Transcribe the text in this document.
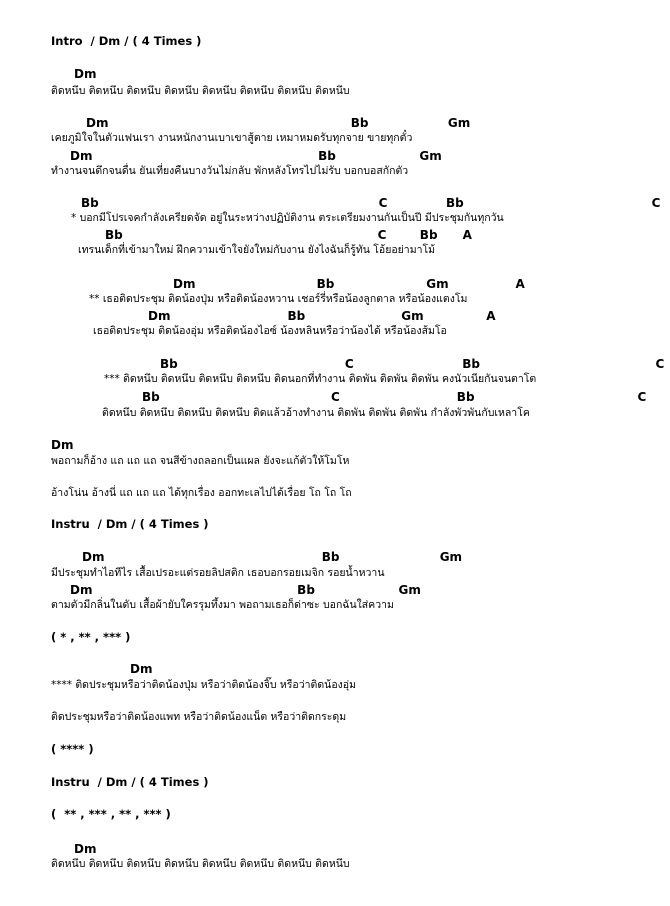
Intro  / Dm / ( 4 Times )
Dm
ติดหนึบ ติดหนึบ ติดหนึบ ติดหนึบ ติดหนึบ ติดหนึบ ติดหนึบ ติดหนึบ
Dm                                                          Bb                   Gm
เคยภูมิใจในตัวแฟนเรา งานหนักงานเบาเขาสู้ตาย เหมาหมดรับทุกจาย ขายทุกตั๋ว
Dm                                                      Bb                    Gm
ทำงานจนดึกจนดื่น ยันเที่ยงคืนบางวันไม่กลับ พักหลังโทรไปไม่รับ บอกบอสกักตัว
Bb                                                                   C              Bb                                             C
* บอกมีโปรเจคกำลังเครียดจัด อยู่ในระหว่างปฏิบัติงาน ตระเตรียมงานกันเป็นปี มีประชุมกันทุกวัน
Bb                                                             C        Bb      A
เทรนเด็กที่เข้ามาใหม่ ฝึกความเข้าใจยังใหม่กับงาน ยังไงฉันก็รู้ทัน โอ้ยอย่ามาโม้
Dm                             Bb                      Gm                A
** เธอติดประชุม ติดน้องปุ่ม หรือติดน้องหวาน เชอร์รี่หรือน้องลูกตาล หรือน้องแตงโม
Dm                            Bb                       Gm               A
เธอติดประชุม ติดน้องอุ่ม หรือติดน้องไอซ์ น้องหลินหรือว่าน้องได้ หรือน้องส้มโอ
Bb                                        C                          Bb                                          C
*** ติดหนึบ ติดหนึบ ติดหนึบ ติดหนึบ ติดนอกที่ทำงาน ติดพัน ติดพัน ติดพัน คงนัวเนียกันจนตาโต
Bb                                         C                            Bb                                       C
ติดหนึบ ติดหนึบ ติดหนึบ ติดหนึบ ติดแล้วอ้างทำงาน ติดพัน ติดพัน ติดพัน กำลังพัวพันกับเหลาโค
Dm
พอถามก็อ้าง แถ แถ แถ จนสีข้างถลอกเป็นแผล ยังจะแก้ตัวให้โมโห
อ้างโน่น อ้างนี่ แถ แถ แถ ได้ทุกเรื่อง ออกทะเลไปได้เรื่อย โถ โถ โถ
Instru  / Dm / ( 4 Times )
Dm                                                    Bb                        Gm
มีประชุมทำไอทีไร เสื้อเปรอะแต่รอยลิปสติก เธอบอกรอยเมจิก รอยน้ำหวาน
Dm                                                 Bb                    Gm
ตามตัวมีกลิ่นในดับ เสื้อผ้ายับใครรุมทึ้งมา พอถามเธอก็ด่าซะ บอกฉันใส่ความ
( * , ** , *** )
Dm
**** ติดประชุมหรือว่าติดน้องปุ่ม หรือว่าติดน้องจิ๊บ หรือว่าติดน้องอุ่ม
ติดประชุมหรือว่าติดน้องแพท หรือว่าติดน้องแน็ต หรือว่าติดกระดุม
( **** )
Instru  / Dm / ( 4 Times )
(  ** , *** , ** , *** )
Dm
ติดหนึบ ติดหนึบ ติดหนึบ ติดหนึบ ติดหนึบ ติดหนึบ ติดหนึบ ติดหนึบ
